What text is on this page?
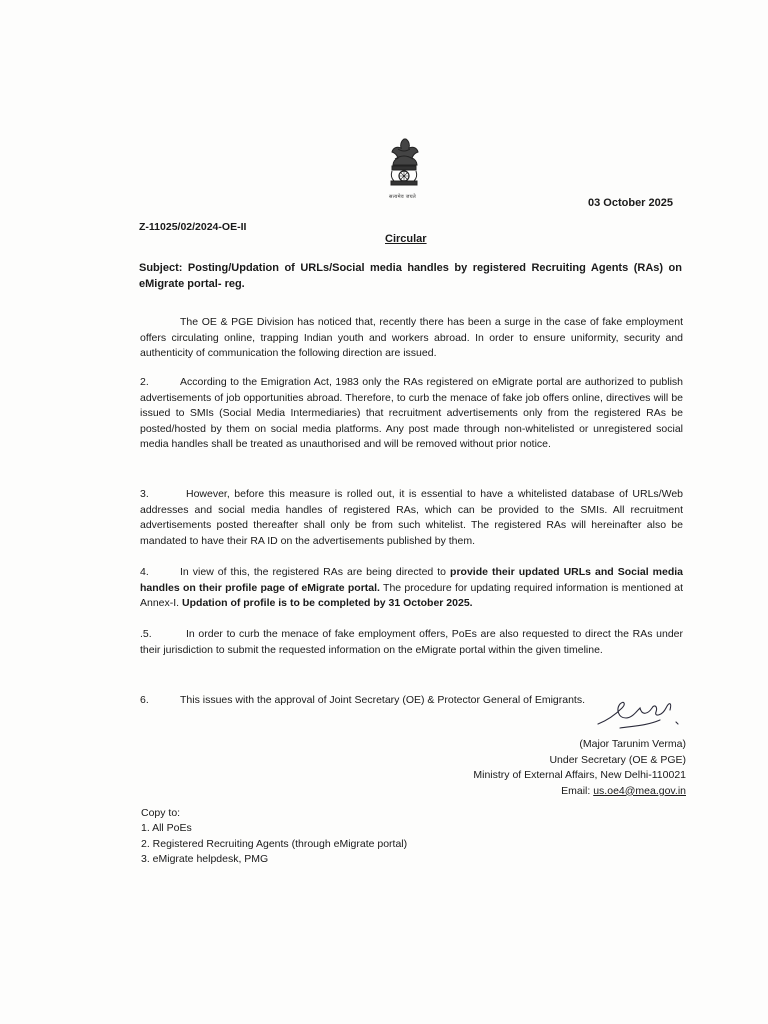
सत्यमेव जयते	03 October 2025
Z-11025/02/2024-OE-II
Circular
Subject: Posting/Updation of URLs/Social media handles by registered Recruiting Agents (RAs) on eMigrate portal- reg.
The OE & PGE Division has noticed that, recently there has been a surge in the case of fake employment offers circulating online, trapping Indian youth and workers abroad. In order to ensure uniformity, security and authenticity of communication the following direction are issued.
2.	According to the Emigration Act, 1983 only the RAs registered on eMigrate portal are authorized to publish advertisements of job opportunities abroad. Therefore, to curb the menace of fake job offers online, directives will be issued to SMIs (Social Media Intermediaries) that recruitment advertisements only from the registered RAs be posted/hosted by them on social media platforms. Any post made through non-whitelisted or unregistered social media handles shall be treated as unauthorised and will be removed without prior notice.
3.	However, before this measure is rolled out, it is essential to have a whitelisted database of URLs/Web addresses and social media handles of registered RAs, which can be provided to the SMIs. All recruitment advertisements posted thereafter shall only be from such whitelist. The registered RAs will hereinafter also be mandated to have their RA ID on the advertisements published by them.
4.	In view of this, the registered RAs are being directed to provide their updated URLs and Social media handles on their profile page of eMigrate portal. The procedure for updating required information is mentioned at Annex-I. Updation of profile is to be completed by 31 October 2025.
.5.	In order to curb the menace of fake employment offers, PoEs are also requested to direct the RAs under their jurisdiction to submit the requested information on the eMigrate portal within the given timeline.
6.	This issues with the approval of Joint Secretary (OE) & Protector General of Emigrants.
(Major Tarunim Verma)
Under Secretary (OE & PGE)
Ministry of External Affairs, New Delhi-110021
Email: us.oe4@mea.gov.in
Copy to:
1. All PoEs
2. Registered Recruiting Agents (through eMigrate portal)
3. eMigrate helpdesk, PMG
